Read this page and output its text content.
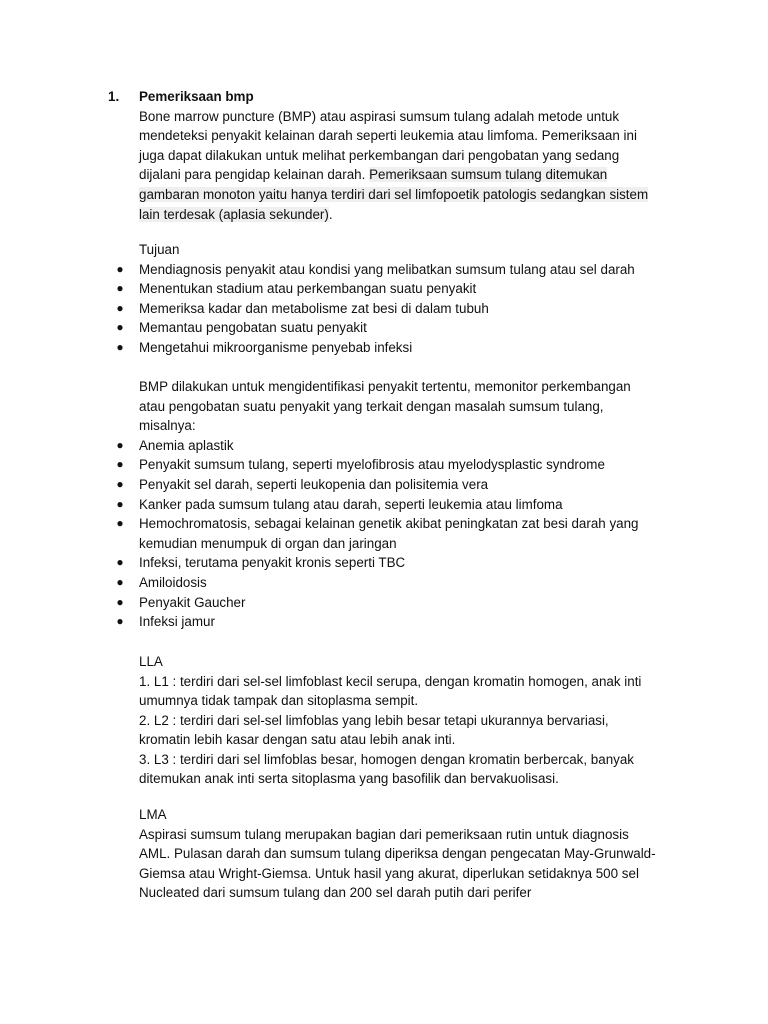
1. Pemeriksaan bmp

Bone marrow puncture (BMP) atau aspirasi sumsum tulang adalah metode untuk mendeteksi penyakit kelainan darah seperti leukemia atau limfoma. Pemeriksaan ini juga dapat dilakukan untuk melihat perkembangan dari pengobatan yang sedang dijalani para pengidap kelainan darah. Pemeriksaan sumsum tulang ditemukan gambaran monoton yaitu hanya terdiri dari sel limfopoetik patologis sedangkan sistem lain terdesak (aplasia sekunder).

Tujuan
● Mendiagnosis penyakit atau kondisi yang melibatkan sumsum tulang atau sel darah
● Menentukan stadium atau perkembangan suatu penyakit
● Memeriksa kadar dan metabolisme zat besi di dalam tubuh
● Memantau pengobatan suatu penyakit
● Mengetahui mikroorganisme penyebab infeksi

BMP dilakukan untuk mengidentifikasi penyakit tertentu, memonitor perkembangan atau pengobatan suatu penyakit yang terkait dengan masalah sumsum tulang, misalnya:

● Anemia aplastik
● Penyakit sumsum tulang, seperti myelofibrosis atau myelodysplastic syndrome
● Penyakit sel darah, seperti leukopenia dan polisitemia vera
● Kanker pada sumsum tulang atau darah, seperti leukemia atau limfoma
● Hemochromatosis, sebagai kelainan genetik akibat peningkatan zat besi darah yang kemudian menumpuk di organ dan jaringan
● Infeksi, terutama penyakit kronis seperti TBC
● Amiloidosis
● Penyakit Gaucher
● Infeksi jamur
LLA

1. L1 : terdiri dari sel-sel limfoblast kecil serupa, dengan kromatin homogen, anak inti umumnya tidak tampak dan sitoplasma sempit.

2. L2 : terdiri dari sel-sel limfoblas yang lebih besar tetapi ukurannya bervariasi, kromatin lebih kasar dengan satu atau lebih anak inti.

3. L3 : terdiri dari sel limfoblas besar, homogen dengan kromatin berbercak, banyak ditemukan anak inti serta sitoplasma yang basofilik dan bervakuolisasi.

LMA

Aspirasi sumsum tulang merupakan bagian dari pemeriksaan rutin untuk diagnosis AML. Pulasan darah dan sumsum tulang diperiksa dengan pengecatan May-Grunwald-Giemsa atau Wright-Giemsa. Untuk hasil yang akurat, diperlukan setidaknya 500 sel Nucleated dari sumsum tulang dan 200 sel darah putih dari perifer
